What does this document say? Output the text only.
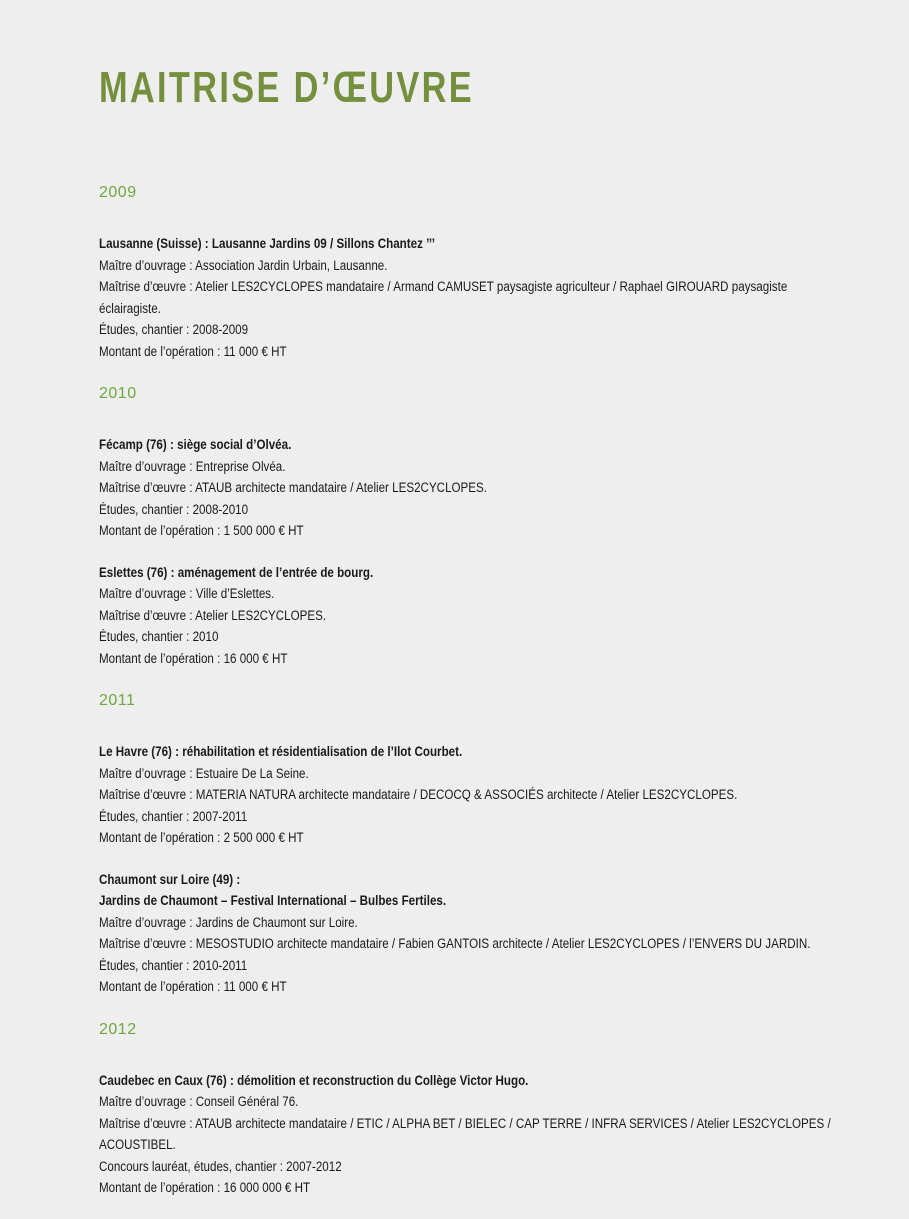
MAITRISE D’ŒUVRE
2009
Lausanne (Suisse) : Lausanne Jardins 09 / Sillons Chantez ’’’
Maître d’ouvrage : Association Jardin Urbain, Lausanne.
Maîtrise d’œuvre : Atelier LES2CYCLOPES mandataire / Armand CAMUSET paysagiste agriculteur / Raphael GIROUARD paysagiste
éclairagiste.
Études, chantier : 2008-2009
Montant de l’opération : 11 000 € HT
2010
Fécamp (76) : siège social d’Olvéa.
Maître d’ouvrage : Entreprise Olvéa.
Maîtrise d’œuvre : ATAUB architecte mandataire / Atelier LES2CYCLOPES.
Études, chantier : 2008-2010
Montant de l’opération : 1 500 000 € HT
Eslettes (76) : aménagement de l’entrée de bourg.
Maître d’ouvrage : Ville d’Eslettes.
Maîtrise d’œuvre : Atelier LES2CYCLOPES.
Études, chantier : 2010
Montant de l’opération : 16 000 € HT
2011
Le Havre (76) : réhabilitation et résidentialisation de l’Ilot Courbet.
Maître d’ouvrage : Estuaire De La Seine.
Maîtrise d’œuvre : MATERIA NATURA architecte mandataire / DECOCQ & ASSOCIÉS architecte / Atelier LES2CYCLOPES.
Études, chantier : 2007-2011
Montant de l’opération : 2 500 000 € HT
Chaumont sur Loire (49) :
Jardins de Chaumont – Festival International – Bulbes Fertiles.
Maître d’ouvrage : Jardins de Chaumont sur Loire.
Maîtrise d’œuvre : MESOSTUDIO architecte mandataire / Fabien GANTOIS architecte / Atelier LES2CYCLOPES / l’ENVERS DU JARDIN.
Études, chantier : 2010-2011
Montant de l’opération : 11 000 € HT
2012
Caudebec en Caux (76) : démolition et reconstruction du Collège Victor Hugo.
Maître d’ouvrage : Conseil Général 76.
Maîtrise d’œuvre : ATAUB architecte mandataire / ETIC / ALPHA BET / BIELEC / CAP TERRE / INFRA SERVICES / Atelier LES2CYCLOPES /
ACOUSTIBEL.
Concours lauréat, études, chantier : 2007-2012
Montant de l’opération : 16 000 000 € HT
